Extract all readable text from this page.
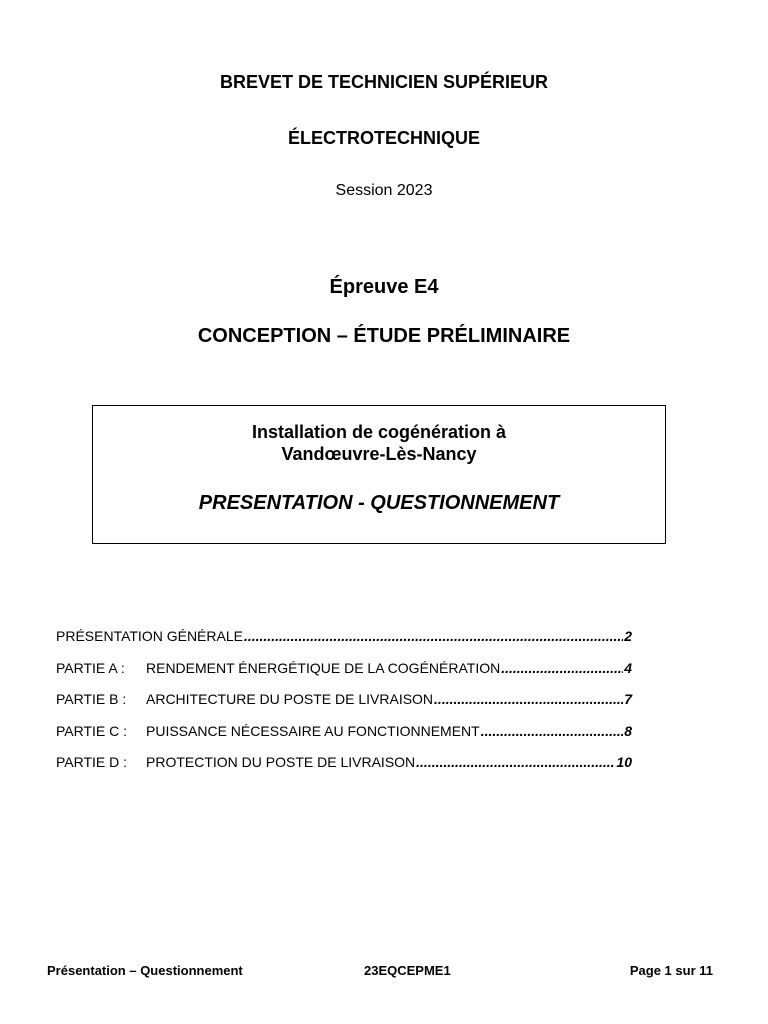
BREVET DE TECHNICIEN SUPÉRIEUR
ÉLECTROTECHNIQUE
Session 2023
Épreuve E4
CONCEPTION – ÉTUDE PRÉLIMINAIRE
Installation de cogénération à
Vandœuvre-Lès-Nancy
PRESENTATION - QUESTIONNEMENT
PRÉSENTATION GÉNÉRALE .....	2
PARTIE A :	RENDEMENT ÉNERGÉTIQUE DE LA COGÉNÉRATION .....	4
PARTIE B :	ARCHITECTURE DU POSTE DE LIVRAISON .....	7
PARTIE C :	PUISSANCE NÉCESSAIRE AU FONCTIONNEMENT .....	8
PARTIE D :	PROTECTION DU POSTE DE LIVRAISON .....	10
Présentation – Questionnement	23EQCEPME1	Page 1 sur 11
